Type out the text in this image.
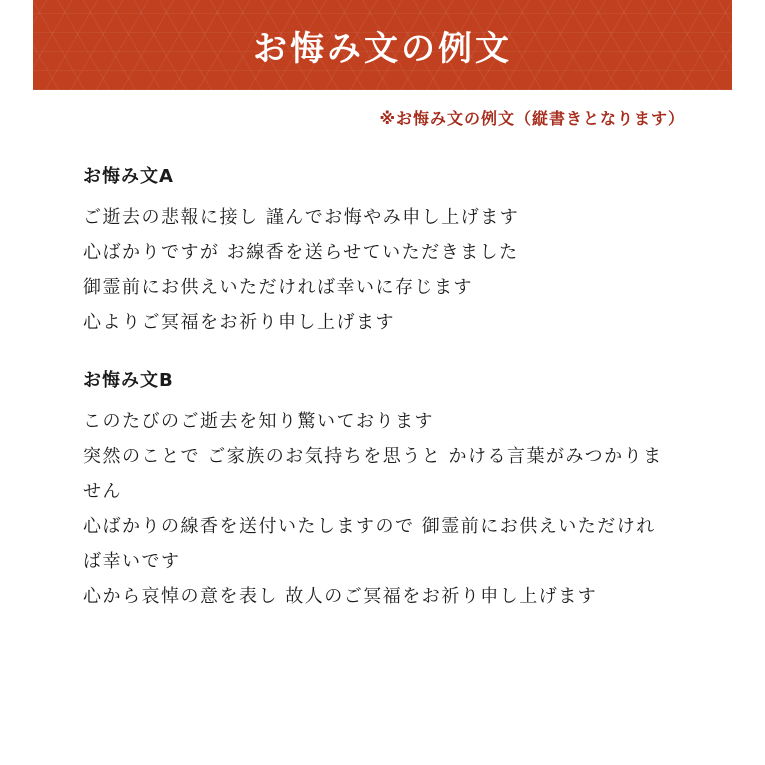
お悔み文の例文
※お悔み文の例文（縦書きとなります）
お悔み文A
ご逝去の悲報に接し 謹んでお悔やみ申し上げます
心ばかりですが お線香を送らせていただきました
御霊前にお供えいただければ幸いに存じます
心よりご冥福をお祈り申し上げます
お悔み文B
このたびのご逝去を知り驚いております
突然のことで ご家族のお気持ちを思うと かける言葉がみつかりま
せん
心ばかりの線香を送付いたしますので 御霊前にお供えいただけれ
ば幸いです
心から哀悼の意を表し 故人のご冥福をお祈り申し上げます
